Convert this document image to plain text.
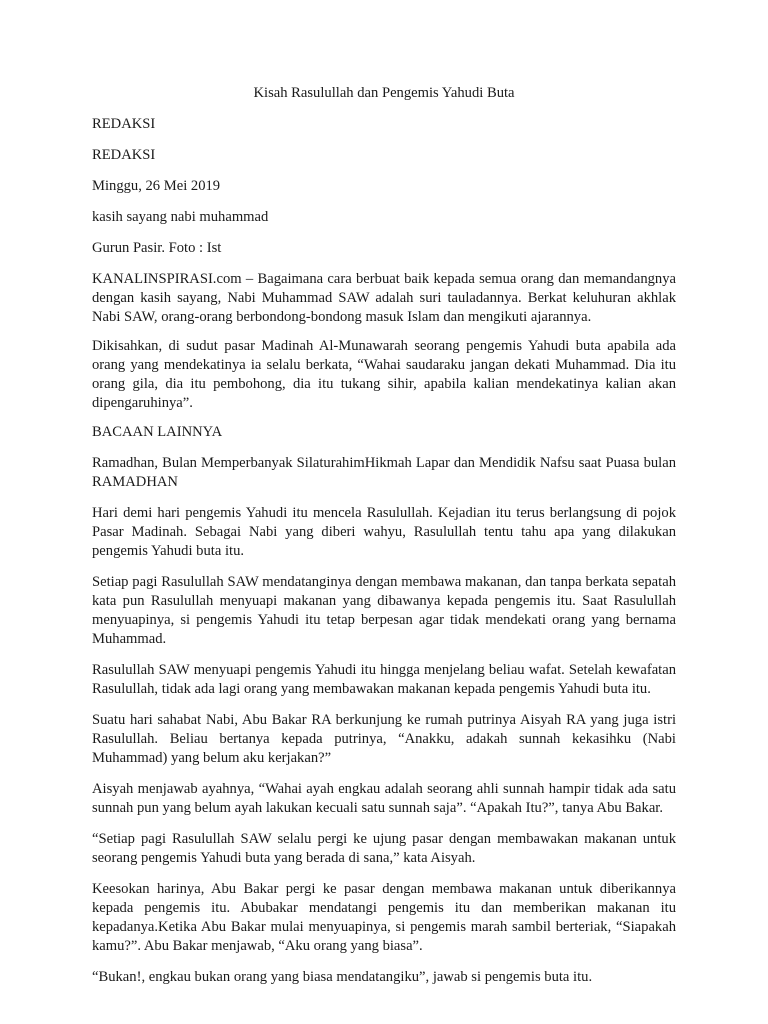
Kisah Rasulullah dan Pengemis Yahudi Buta
REDAKSI
REDAKSI
Minggu, 26 Mei 2019
kasih sayang nabi muhammad
Gurun Pasir. Foto : Ist

KANALINSPIRASI.com – Bagaimana cara berbuat baik kepada semua orang dan memandangnya dengan kasih sayang, Nabi Muhammad SAW adalah suri tauladannya. Berkat keluhuran akhlak Nabi SAW, orang-orang berbondong-bondong masuk Islam dan mengikuti ajarannya.

Dikisahkan, di sudut pasar Madinah Al-Munawarah seorang pengemis Yahudi buta apabila ada orang yang mendekatinya ia selalu berkata, “Wahai saudaraku jangan dekati Muhammad. Dia itu orang gila, dia itu pembohong, dia itu tukang sihir, apabila kalian mendekatinya kalian akan dipengaruhinya”.

BACAAN LAINNYA

Ramadhan, Bulan Memperbanyak SilaturahimHikmah Lapar dan Mendidik Nafsu saat Puasa bulan RAMADHAN

Hari demi hari pengemis Yahudi itu mencela Rasulullah. Kejadian itu terus berlangsung di pojok Pasar Madinah. Sebagai Nabi yang diberi wahyu, Rasulullah tentu tahu apa yang dilakukan pengemis Yahudi buta itu.

Setiap pagi Rasulullah SAW mendatanginya dengan membawa makanan, dan tanpa berkata sepatah kata pun Rasulullah menyuapi makanan yang dibawanya kepada pengemis itu. Saat Rasulullah menyuapinya, si pengemis Yahudi itu tetap berpesan agar tidak mendekati orang yang bernama Muhammad.

Rasulullah SAW menyuapi pengemis Yahudi itu hingga menjelang beliau wafat. Setelah kewafatan Rasulullah, tidak ada lagi orang yang membawakan makanan kepada pengemis Yahudi buta itu.

Suatu hari sahabat Nabi, Abu Bakar RA berkunjung ke rumah putrinya Aisyah RA yang juga istri Rasulullah. Beliau bertanya kepada putrinya, “Anakku, adakah sunnah kekasihku (Nabi Muhammad) yang belum aku kerjakan?”

Aisyah menjawab ayahnya, “Wahai ayah engkau adalah seorang ahli sunnah hampir tidak ada satu sunnah pun yang belum ayah lakukan kecuali satu sunnah saja”. “Apakah Itu?”, tanya Abu Bakar.

“Setiap pagi Rasulullah SAW selalu pergi ke ujung pasar dengan membawakan makanan untuk seorang pengemis Yahudi buta yang berada di sana,” kata Aisyah.

Keesokan harinya, Abu Bakar pergi ke pasar dengan membawa makanan untuk diberikannya kepada pengemis itu. Abubakar mendatangi pengemis itu dan memberikan makanan itu kepadanya.Ketika Abu Bakar mulai menyuapinya, si pengemis marah sambil berteriak, “Siapakah kamu?”. Abu Bakar menjawab, “Aku orang yang biasa”.

“Bukan!, engkau bukan orang yang biasa mendatangiku”, jawab si pengemis buta itu.
